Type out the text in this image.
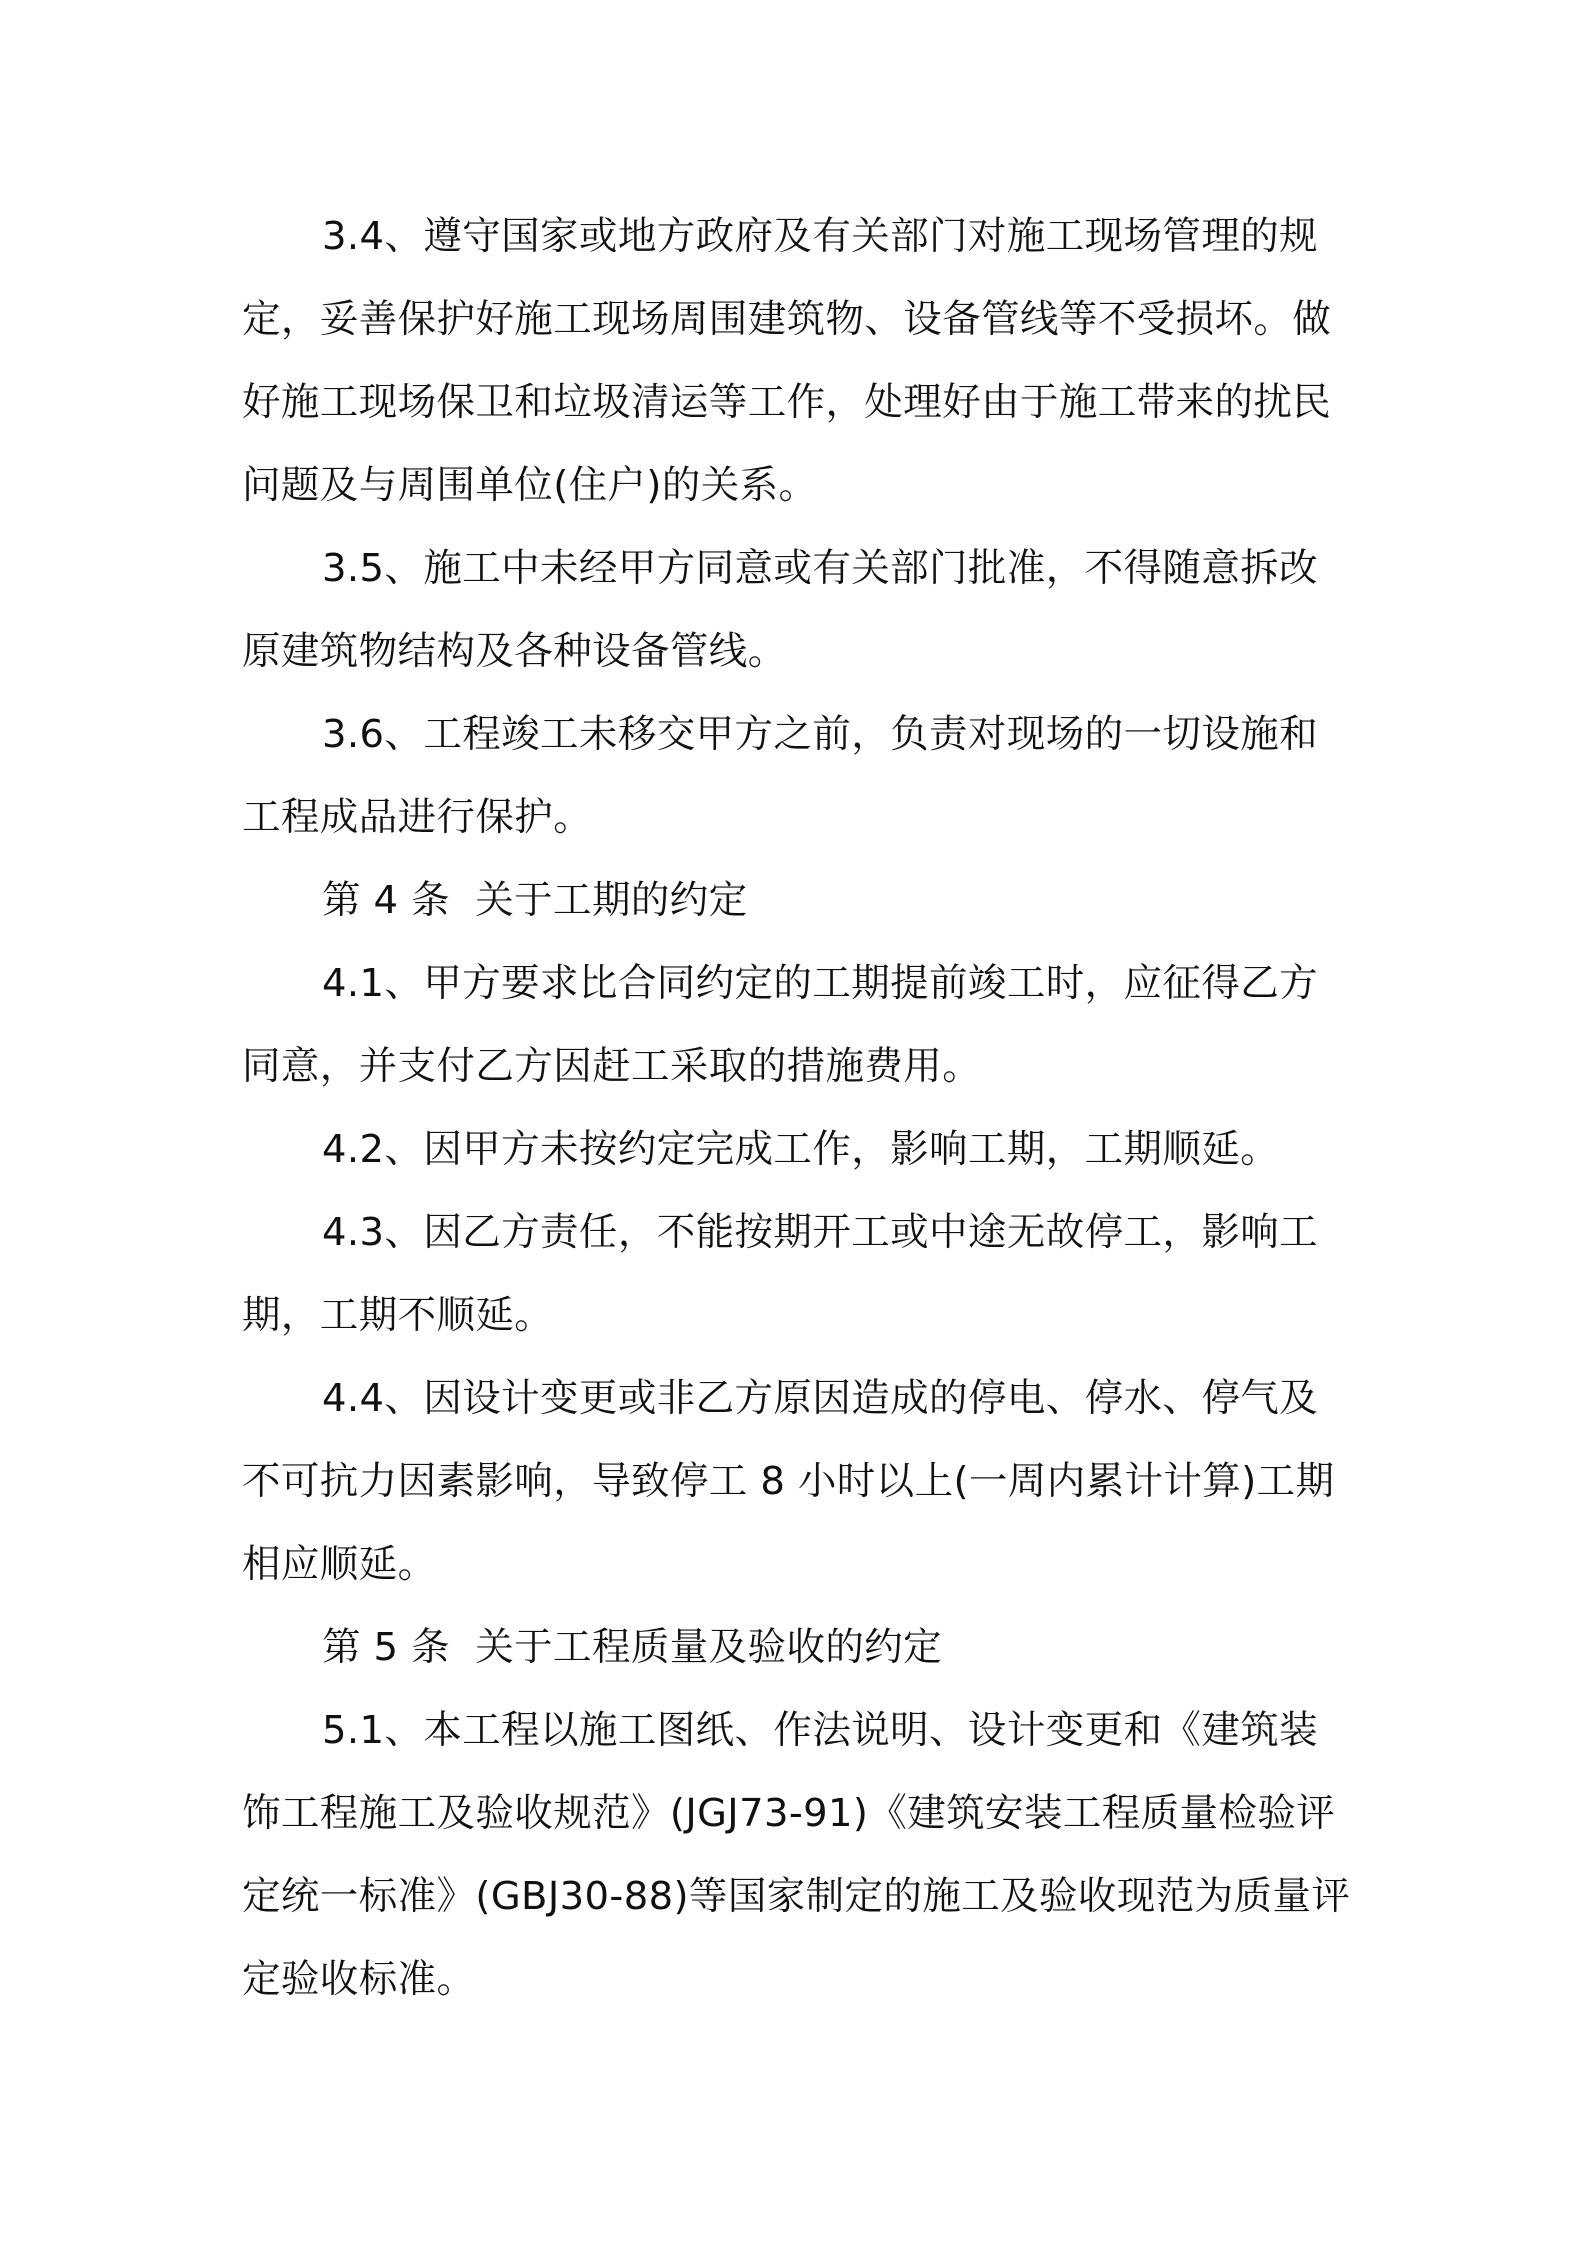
3.4、遵守国家或地方政府及有关部门对施工现场管理的规定，妥善保护好施工现场周围建筑物、设备管线等不受损坏。做好施工现场保卫和垃圾清运等工作，处理好由于施工带来的扰民问题及与周围单位(住户)的关系。

3.5、施工中未经甲方同意或有关部门批准，不得随意拆改原建筑物结构及各种设备管线。

3.6、工程竣工未移交甲方之前，负责对现场的一切设施和工程成品进行保护。

第 4 条  关于工期的约定

4.1、甲方要求比合同约定的工期提前竣工时，应征得乙方同意，并支付乙方因赶工采取的措施费用。

4.2、因甲方未按约定完成工作，影响工期，工期顺延。

4.3、因乙方责任，不能按期开工或中途无故停工，影响工期，工期不顺延。

4.4、因设计变更或非乙方原因造成的停电、停水、停气及不可抗力因素影响，导致停工 8 小时以上(一周内累计计算)工期相应顺延。

第 5 条  关于工程质量及验收的约定

5.1、本工程以施工图纸、作法说明、设计变更和《建筑装饰工程施工及验收规范》(JGJ73-91)《建筑安装工程质量检验评定统一标准》(GBJ30-88)等国家制定的施工及验收现范为质量评定验收标准。
